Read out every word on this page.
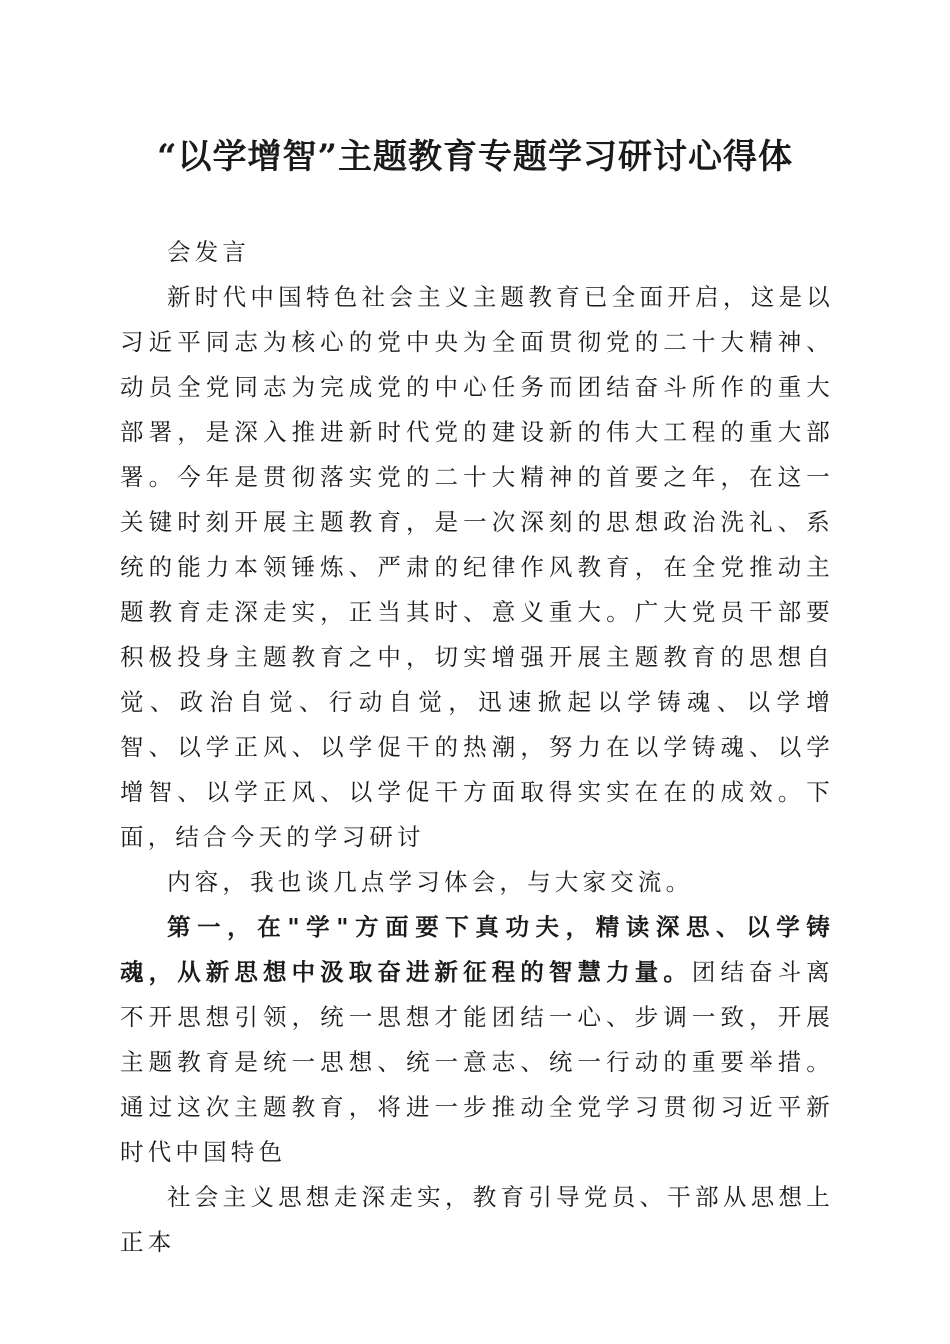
“以学增智”主题教育专题学习研讨心得体

会发言

新时代中国特色社会主义主题教育已全面开启，这是以习近平同志为核心的党中央为全面贯彻党的二十大精神、动员全党同志为完成党的中心任务而团结奋斗所作的重大部署，是深入推进新时代党的建设新的伟大工程的重大部署。今年是贯彻落实党的二十大精神的首要之年，在这一关键时刻开展主题教育，是一次深刻的思想政治洗礼、系统的能力本领锤炼、严肃的纪律作风教育，在全党推动主题教育走深走实，正当其时、意义重大。广大党员干部要积极投身主题教育之中，切实增强开展主题教育的思想自觉、政治自觉、行动自觉，迅速掀起以学铸魂、以学增智、以学正风、以学促干的热潮，努力在以学铸魂、以学增智、以学正风、以学促干方面取得实实在在的成效。下面，结合今天的学习研讨

内容，我也谈几点学习体会，与大家交流。

第一，在"学"方面要下真功夫，精读深思、以学铸魂，从新思想中汲取奋进新征程的智慧力量。团结奋斗离不开思想引领，统一思想才能团结一心、步调一致，开展主题教育是统一思想、统一意志、统一行动的重要举措。通过这次主题教育，将进一步推动全党学习贯彻习近平新时代中国特色

社会主义思想走深走实，教育引导党员、干部从思想上正本
